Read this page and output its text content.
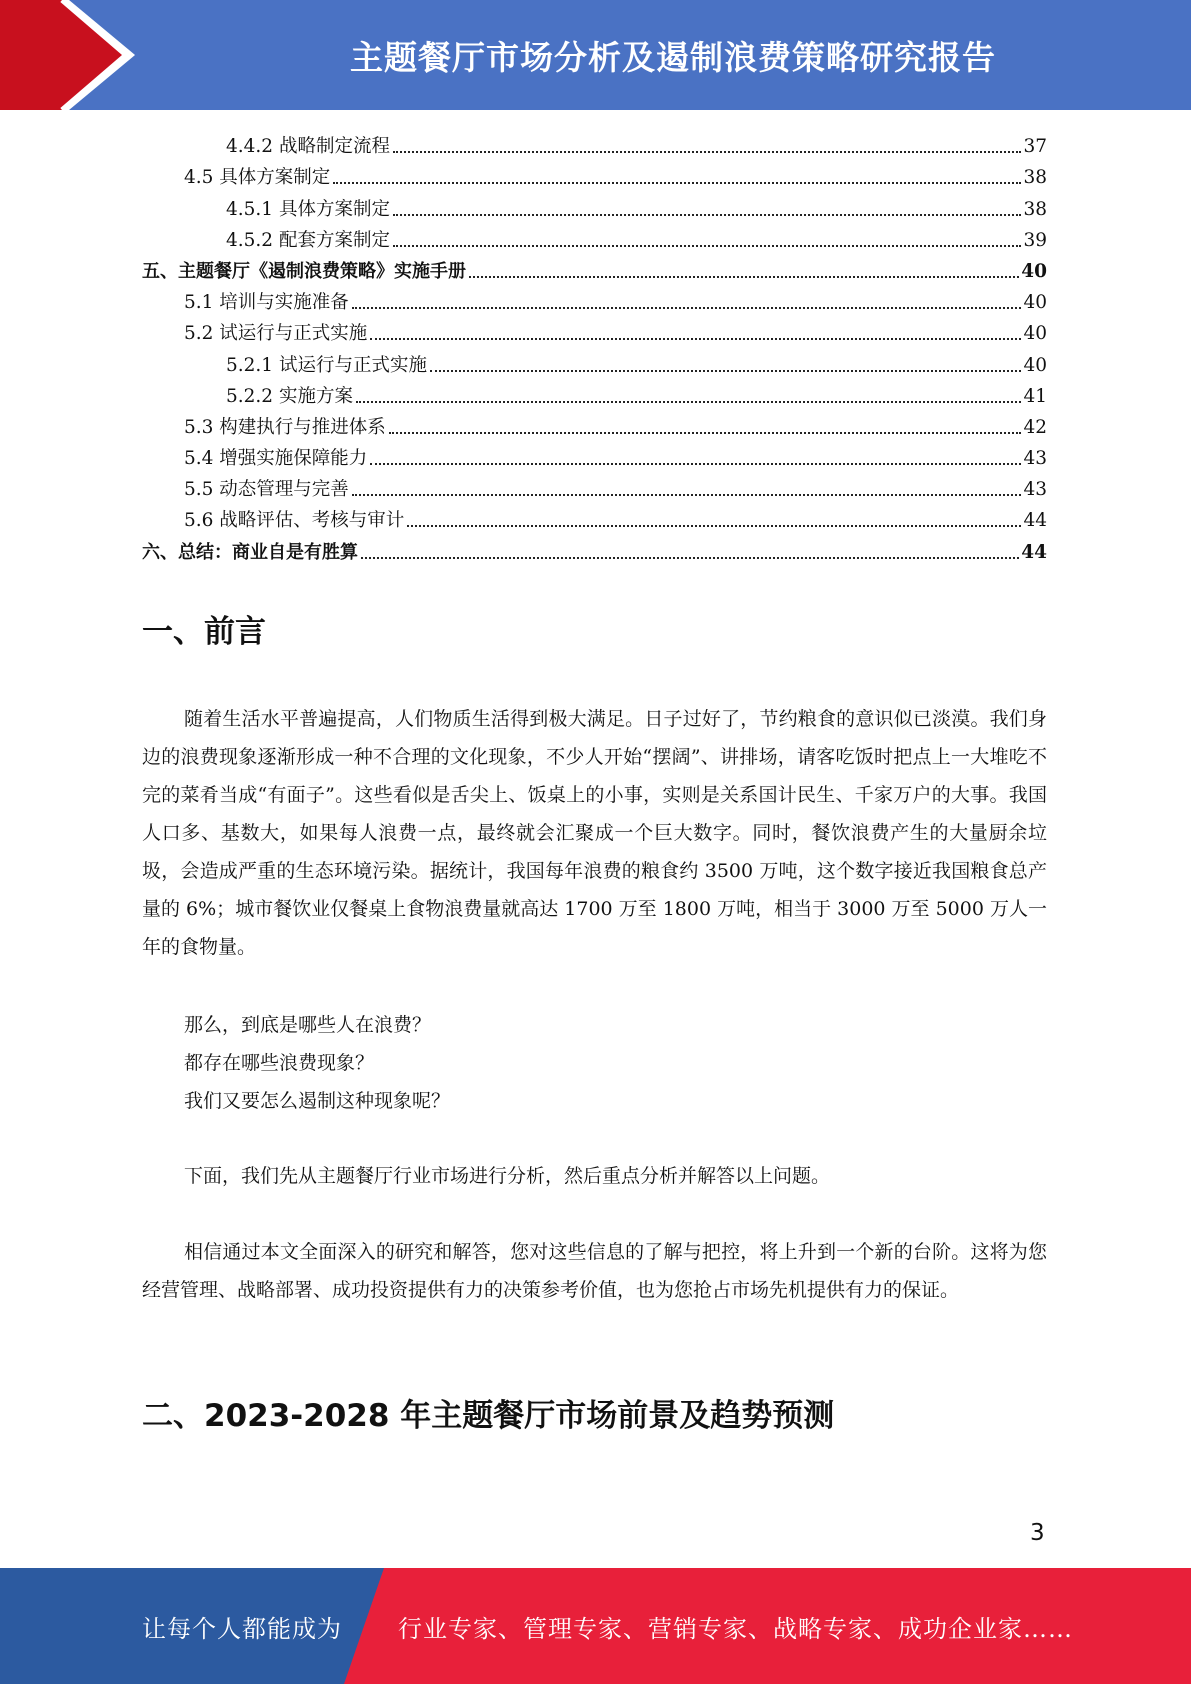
主题餐厅市场分析及遏制浪费策略研究报告
4.4.2 战略制定流程	37
4.5 具体方案制定	38
4.5.1 具体方案制定	38
4.5.2 配套方案制定	39
五、主题餐厅《遏制浪费策略》实施手册	40
5.1 培训与实施准备	40
5.2 试运行与正式实施	40
5.2.1 试运行与正式实施	40
5.2.2 实施方案	41
5.3 构建执行与推进体系	42
5.4 增强实施保障能力	43
5.5 动态管理与完善	43
5.6 战略评估、考核与审计	44
六、总结：商业自是有胜算	44
一、前言
随着生活水平普遍提高，人们物质生活得到极大满足。日子过好了，节约粮食的意识似已淡漠。我们身边的浪费现象逐渐形成一种不合理的文化现象，不少人开始“摆阔”、讲排场，请客吃饭时把点上一大堆吃不完的菜肴当成“有面子”。这些看似是舌尖上、饭桌上的小事，实则是关系国计民生、千家万户的大事。我国人口多、基数大，如果每人浪费一点，最终就会汇聚成一个巨大数字。同时，餐饮浪费产生的大量厨余垃圾，会造成严重的生态环境污染。据统计，我国每年浪费的粮食约 3500 万吨，这个数字接近我国粮食总产量的 6%；城市餐饮业仅餐桌上食物浪费量就高达 1700 万至 1800 万吨，相当于 3000 万至 5000 万人一年的食物量。
那么，到底是哪些人在浪费？
都存在哪些浪费现象？
我们又要怎么遏制这种现象呢？
下面，我们先从主题餐厅行业市场进行分析，然后重点分析并解答以上问题。
相信通过本文全面深入的研究和解答，您对这些信息的了解与把控，将上升到一个新的台阶。这将为您经营管理、战略部署、成功投资提供有力的决策参考价值，也为您抢占市场先机提供有力的保证。
二、2023-2028 年主题餐厅市场前景及趋势预测
3
让每个人都能成为 行业专家、管理专家、营销专家、战略专家、成功企业家……
